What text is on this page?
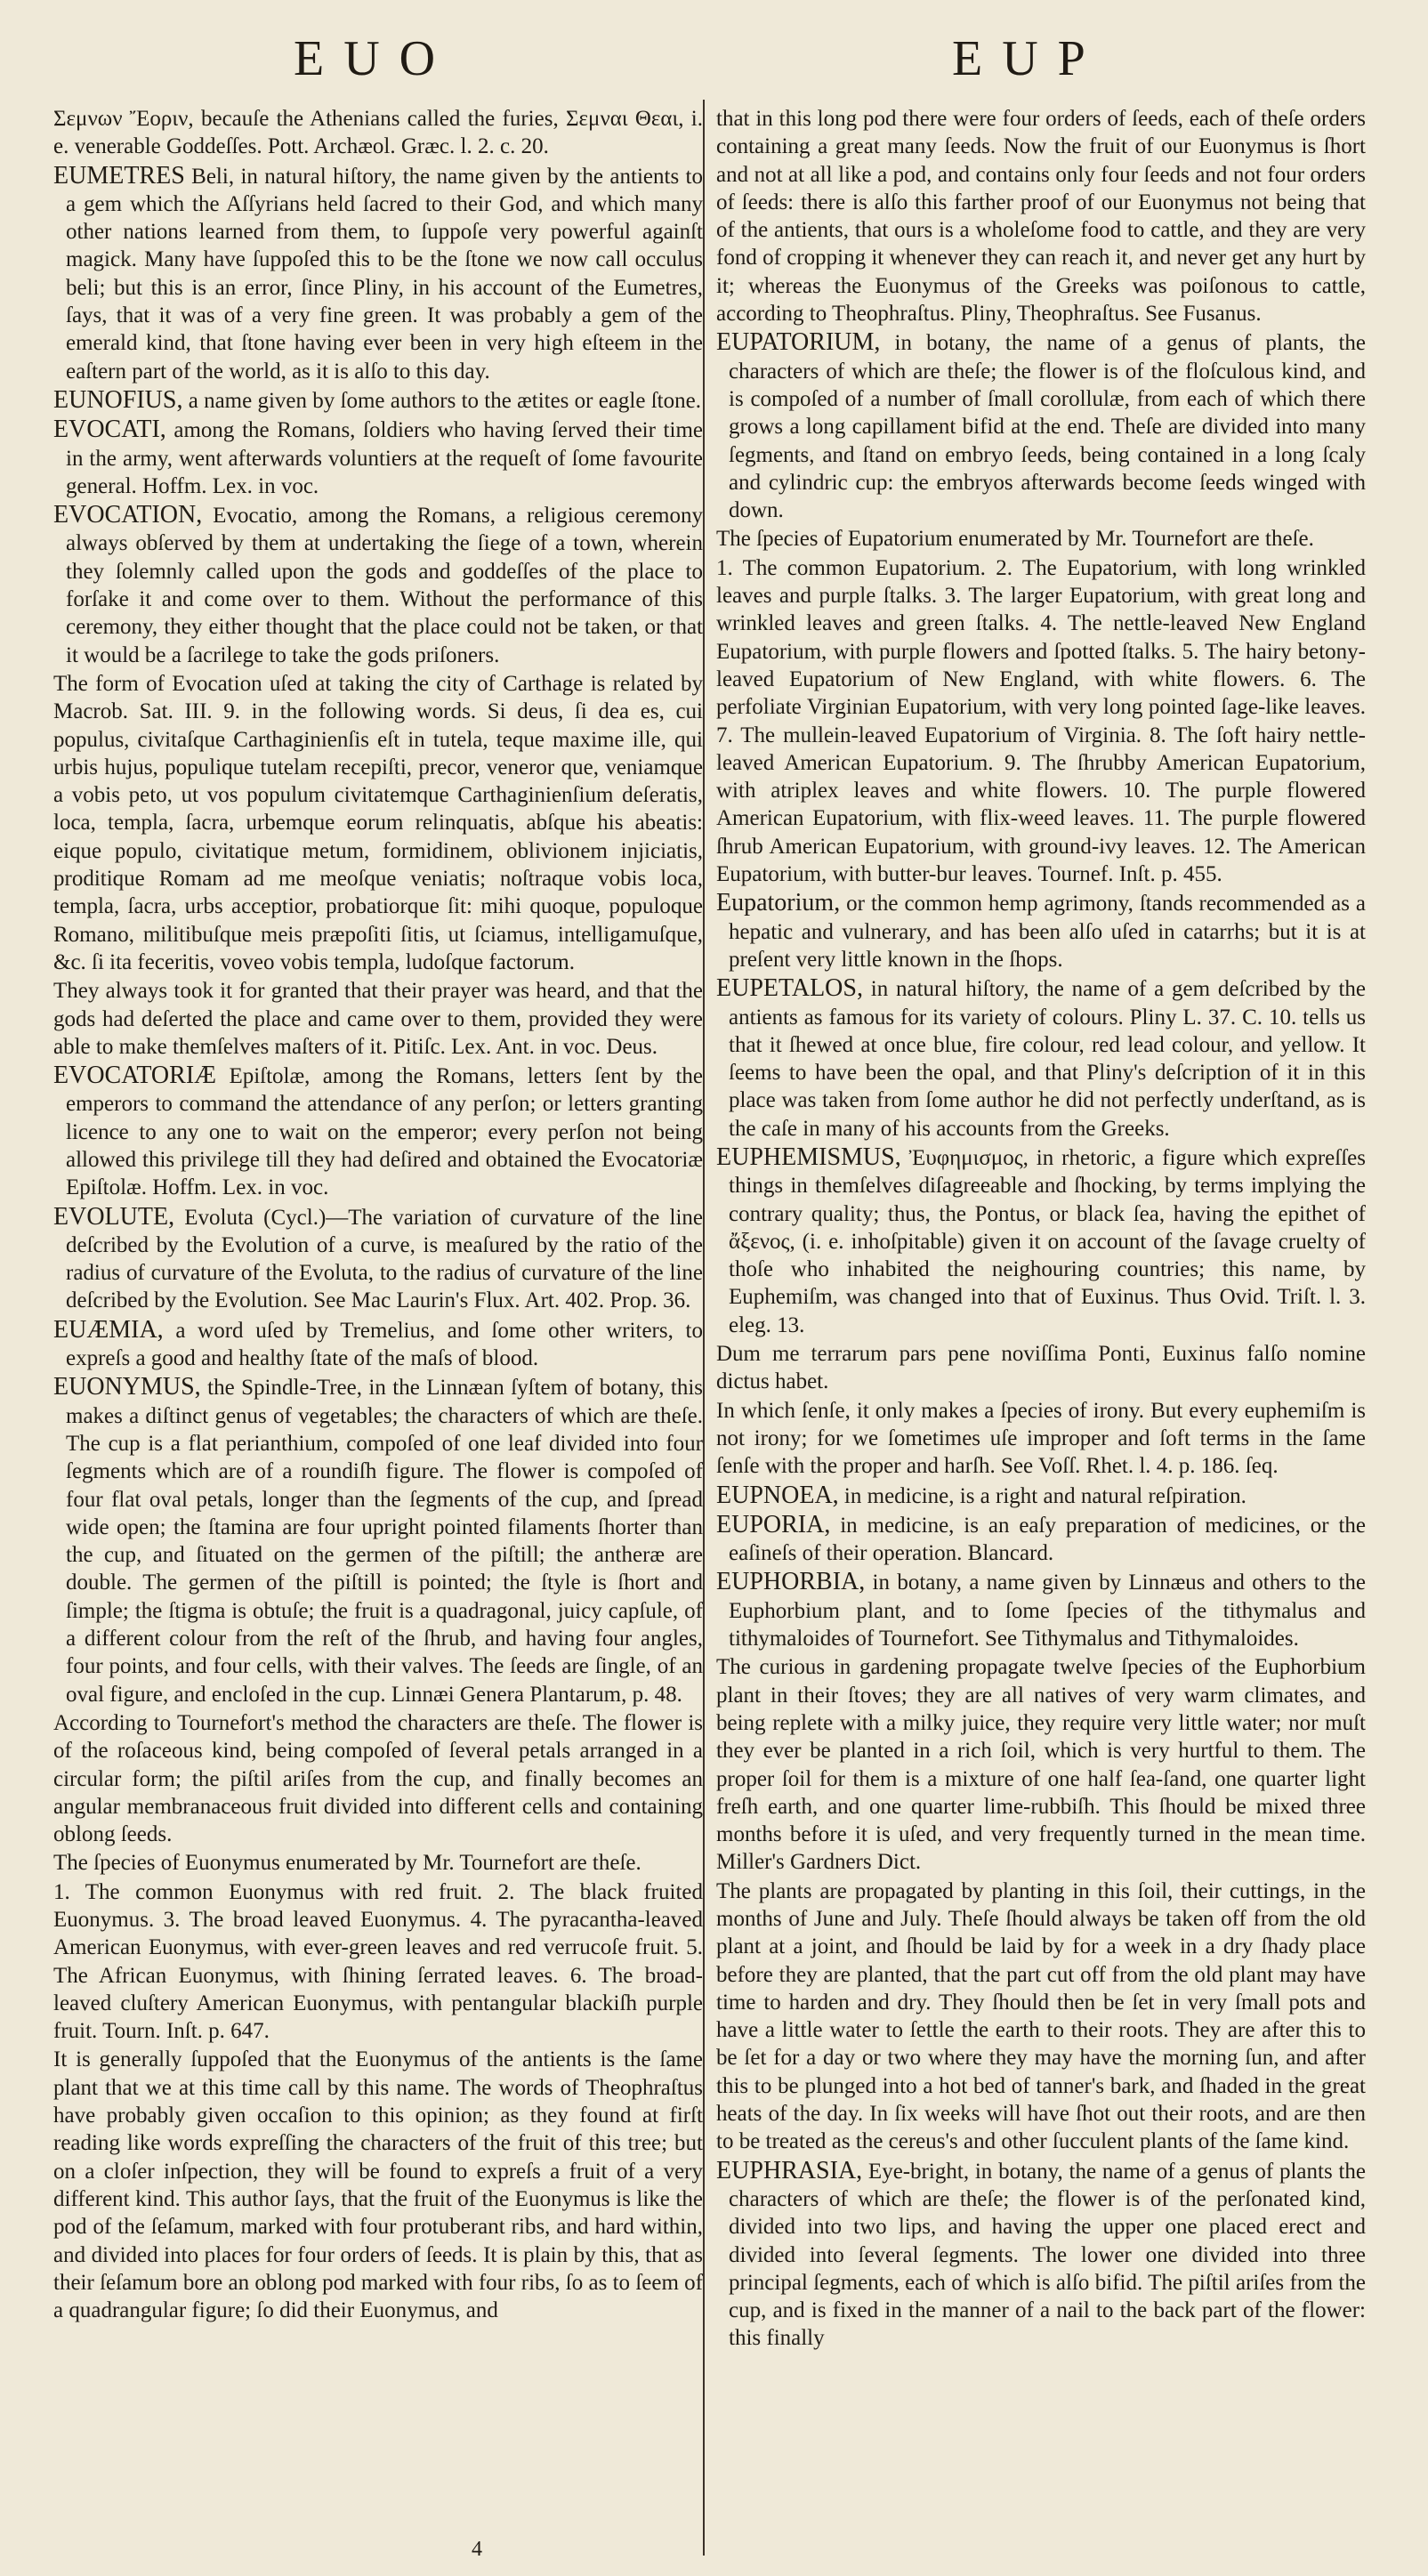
EUO	EUP

Σεμνων Ἔοριν, becauſe the Athenians called the furies, Σεμναι Θεαι, i. e. venerable Goddeſſes. Pott. Archæol. Græc. l. 2. c. 20.

EUMETRES Beli, in natural hiſtory, the name given by the antients to a gem which the Aſſyrians held ſacred to their God, and which many other nations learned from them, to ſuppoſe very powerful againſt magick. Many have ſuppoſed this to be the ſtone we now call occulus beli; but this is an error, ſince Pliny, in his account of the Eumetres, ſays, that it was of a very fine green. It was probably a gem of the emerald kind, that ſtone having ever been in very high eſteem in the eaſtern part of the world, as it is alſo to this day.

EUNOFIUS, a name given by ſome authors to the ætites or eagle ſtone.

EVOCATI, among the Romans, ſoldiers who having ſerved their time in the army, went afterwards voluntiers at the requeſt of ſome favourite general. Hoffm. Lex. in voc.

EVOCATION, Evocatio, among the Romans, a religious ceremony always obſerved by them at undertaking the ſiege of a town, wherein they ſolemnly called upon the gods and goddeſſes of the place to forſake it and come over to them. Without the performance of this ceremony, they either thought that the place could not be taken, or that it would be a ſacrilege to take the gods priſoners.

The form of Evocation uſed at taking the city of Carthage is related by Macrob. Sat. III. 9. in the following words. Si deus, ſi dea es, cui populus, civitaſque Carthaginienſis eſt in tutela, teque maxime ille, qui urbis hujus, populique tutelam recepiſti, precor, veneror que, veniamque a vobis peto, ut vos populum civitatemque Carthaginienſium deſeratis, loca, templa, ſacra, urbemque eorum relinquatis, abſque his abeatis: eique populo, civitatique metum, formidinem, oblivionem injiciatis, proditique Romam ad me meoſque veniatis; noſtraque vobis loca, templa, ſacra, urbs acceptior, probatiorque ſit: mihi quoque, populoque Romano, militibuſque meis præpoſiti ſitis, ut ſciamus, intelligamuſque, &c. ſi ita feceritis, voveo vobis templa, ludoſque factorum.

They always took it for granted that their prayer was heard, and that the gods had deſerted the place and came over to them, provided they were able to make themſelves maſters of it. Pitiſc. Lex. Ant. in voc. Deus.

EVOCATORIÆ Epiſtolæ, among the Romans, letters ſent by the emperors to command the attendance of any perſon; or letters granting licence to any one to wait on the emperor; every perſon not being allowed this privilege till they had deſired and obtained the Evocatoriæ Epiſtolæ. Hoffm. Lex. in voc.

EVOLUTE, Evoluta (Cycl.)—The variation of curvature of the line deſcribed by the Evolution of a curve, is meaſured by the ratio of the radius of curvature of the Evoluta, to the radius of curvature of the line deſcribed by the Evolution. See Mac Laurin's Flux. Art. 402. Prop. 36.

EUÆMIA, a word uſed by Tremelius, and ſome other writers, to expreſs a good and healthy ſtate of the maſs of blood.

EUONYMUS, the Spindle-Tree, in the Linnæan ſyſtem of botany, this makes a diſtinct genus of vegetables; the characters of which are theſe. The cup is a flat perianthium, compoſed of one leaf divided into four ſegments which are of a roundiſh figure. The flower is compoſed of four flat oval petals, longer than the ſegments of the cup, and ſpread wide open; the ſtamina are four upright pointed filaments ſhorter than the cup, and ſituated on the germen of the piſtill; the antheræ are double. The germen of the piſtill is pointed; the ſtyle is ſhort and ſimple; the ſtigma is obtuſe; the fruit is a quadragonal, juicy capſule, of a different colour from the reſt of the ſhrub, and having four angles, four points, and four cells, with their valves. The ſeeds are ſingle, of an oval figure, and encloſed in the cup. Linnæi Genera Plantarum, p. 48.

According to Tournefort's method the characters are theſe. The flower is of the roſaceous kind, being compoſed of ſeveral petals arranged in a circular form; the piſtil ariſes from the cup, and finally becomes an angular membranaceous fruit divided into different cells and containing oblong ſeeds.

The ſpecies of Euonymus enumerated by Mr. Tournefort are theſe.

1. The common Euonymus with red fruit. 2. The black fruited Euonymus. 3. The broad leaved Euonymus. 4. The pyracantha-leaved American Euonymus, with ever-green leaves and red verrucoſe fruit. 5. The African Euonymus, with ſhining ſerrated leaves. 6. The broad-leaved cluſtery American Euonymus, with pentangular blackiſh purple fruit. Tourn. Inſt. p. 647.

It is generally ſuppoſed that the Euonymus of the antients is the ſame plant that we at this time call by this name. The words of Theophraſtus have probably given occaſion to this opinion; as they found at firſt reading like words expreſſing the characters of the fruit of this tree; but on a cloſer inſpection, they will be found to expreſs a fruit of a very different kind. This author ſays, that the fruit of the Euonymus is like the pod of the ſeſamum, marked with four protuberant ribs, and hard within, and divided into places for four orders of ſeeds. It is plain by this, that as their ſeſamum bore an oblong pod marked with four ribs, ſo as to ſeem of a quadrangular figure; ſo did their Euonymus, and

that in this long pod there were four orders of ſeeds, each of theſe orders containing a great many ſeeds. Now the fruit of our Euonymus is ſhort and not at all like a pod, and contains only four ſeeds and not four orders of ſeeds: there is alſo this farther proof of our Euonymus not being that of the antients, that ours is a wholeſome food to cattle, and they are very fond of cropping it whenever they can reach it, and never get any hurt by it; whereas the Euonymus of the Greeks was poiſonous to cattle, according to Theophraſtus. Pliny, Theophraſtus. See Fusanus.

EUPATORIUM, in botany, the name of a genus of plants, the characters of which are theſe; the flower is of the floſculous kind, and is compoſed of a number of ſmall corollulæ, from each of which there grows a long capillament bifid at the end. Theſe are divided into many ſegments, and ſtand on embryo ſeeds, being contained in a long ſcaly and cylindric cup: the embryos afterwards become ſeeds winged with down.

The ſpecies of Eupatorium enumerated by Mr. Tournefort are theſe.

1. The common Eupatorium. 2. The Eupatorium, with long wrinkled leaves and purple ſtalks. 3. The larger Eupatorium, with great long and wrinkled leaves and green ſtalks. 4. The nettle-leaved New England Eupatorium, with purple flowers and ſpotted ſtalks. 5. The hairy betony-leaved Eupatorium of New England, with white flowers. 6. The perfoliate Virginian Eupatorium, with very long pointed ſage-like leaves. 7. The mullein-leaved Eupatorium of Virginia. 8. The ſoft hairy nettle-leaved American Eupatorium. 9. The ſhrubby American Eupatorium, with atriplex leaves and white flowers. 10. The purple flowered American Eupatorium, with flix-weed leaves. 11. The purple flowered ſhrub American Eupatorium, with ground-ivy leaves. 12. The American Eupatorium, with butter-bur leaves. Tournef. Inſt. p. 455.

Eupatorium, or the common hemp agrimony, ſtands recommended as a hepatic and vulnerary, and has been alſo uſed in catarrhs; but it is at preſent very little known in the ſhops.

EUPETALOS, in natural hiſtory, the name of a gem deſcribed by the antients as famous for its variety of colours. Pliny L. 37. C. 10. tells us that it ſhewed at once blue, fire colour, red lead colour, and yellow. It ſeems to have been the opal, and that Pliny's deſcription of it in this place was taken from ſome author he did not perfectly underſtand, as is the caſe in many of his accounts from the Greeks.

EUPHEMISMUS, Ἐυφημισμος, in rhetoric, a figure which expreſſes things in themſelves diſagreeable and ſhocking, by terms implying the contrary quality; thus, the Pontus, or black ſea, having the epithet of ἄξενος, (i. e. inhoſpitable) given it on account of the ſavage cruelty of thoſe who inhabited the neighouring countries; this name, by Euphemiſm, was changed into that of Euxinus. Thus Ovid. Triſt. l. 3. eleg. 13.

Dum me terrarum pars pene noviſſima Ponti, Euxinus falſo nomine dictus habet.

In which ſenſe, it only makes a ſpecies of irony. But every euphemiſm is not irony; for we ſometimes uſe improper and ſoft terms in the ſame ſenſe with the proper and harſh. See Voſſ. Rhet. l. 4. p. 186. ſeq.

EUPNOEA, in medicine, is a right and natural reſpiration.

EUPORIA, in medicine, is an eaſy preparation of medicines, or the eaſineſs of their operation. Blancard.

EUPHORBIA, in botany, a name given by Linnæus and others to the Euphorbium plant, and to ſome ſpecies of the tithymalus and tithymaloides of Tournefort. See Tithymalus and Tithymaloides.

The curious in gardening propagate twelve ſpecies of the Euphorbium plant in their ſtoves; they are all natives of very warm climates, and being replete with a milky juice, they require very little water; nor muſt they ever be planted in a rich ſoil, which is very hurtful to them. The proper ſoil for them is a mixture of one half ſea-ſand, one quarter light freſh earth, and one quarter lime-rubbiſh. This ſhould be mixed three months before it is uſed, and very frequently turned in the mean time. Miller's Gardners Dict.

The plants are propagated by planting in this ſoil, their cuttings, in the months of June and July. Theſe ſhould always be taken off from the old plant at a joint, and ſhould be laid by for a week in a dry ſhady place before they are planted, that the part cut off from the old plant may have time to harden and dry. They ſhould then be ſet in very ſmall pots and have a little water to ſettle the earth to their roots. They are after this to be ſet for a day or two where they may have the morning ſun, and after this to be plunged into a hot bed of tanner's bark, and ſhaded in the great heats of the day. In ſix weeks will have ſhot out their roots, and are then to be treated as the cereus's and other ſucculent plants of the ſame kind.

EUPHRASIA, Eye-bright, in botany, the name of a genus of plants the characters of which are theſe; the flower is of the perſonated kind, divided into two lips, and having the upper one placed erect and divided into ſeveral ſegments. The lower one divided into three principal ſegments, each of which is alſo bifid. The piſtil ariſes from the cup, and is fixed in the manner of a nail to the back part of the flower: this finally

4
